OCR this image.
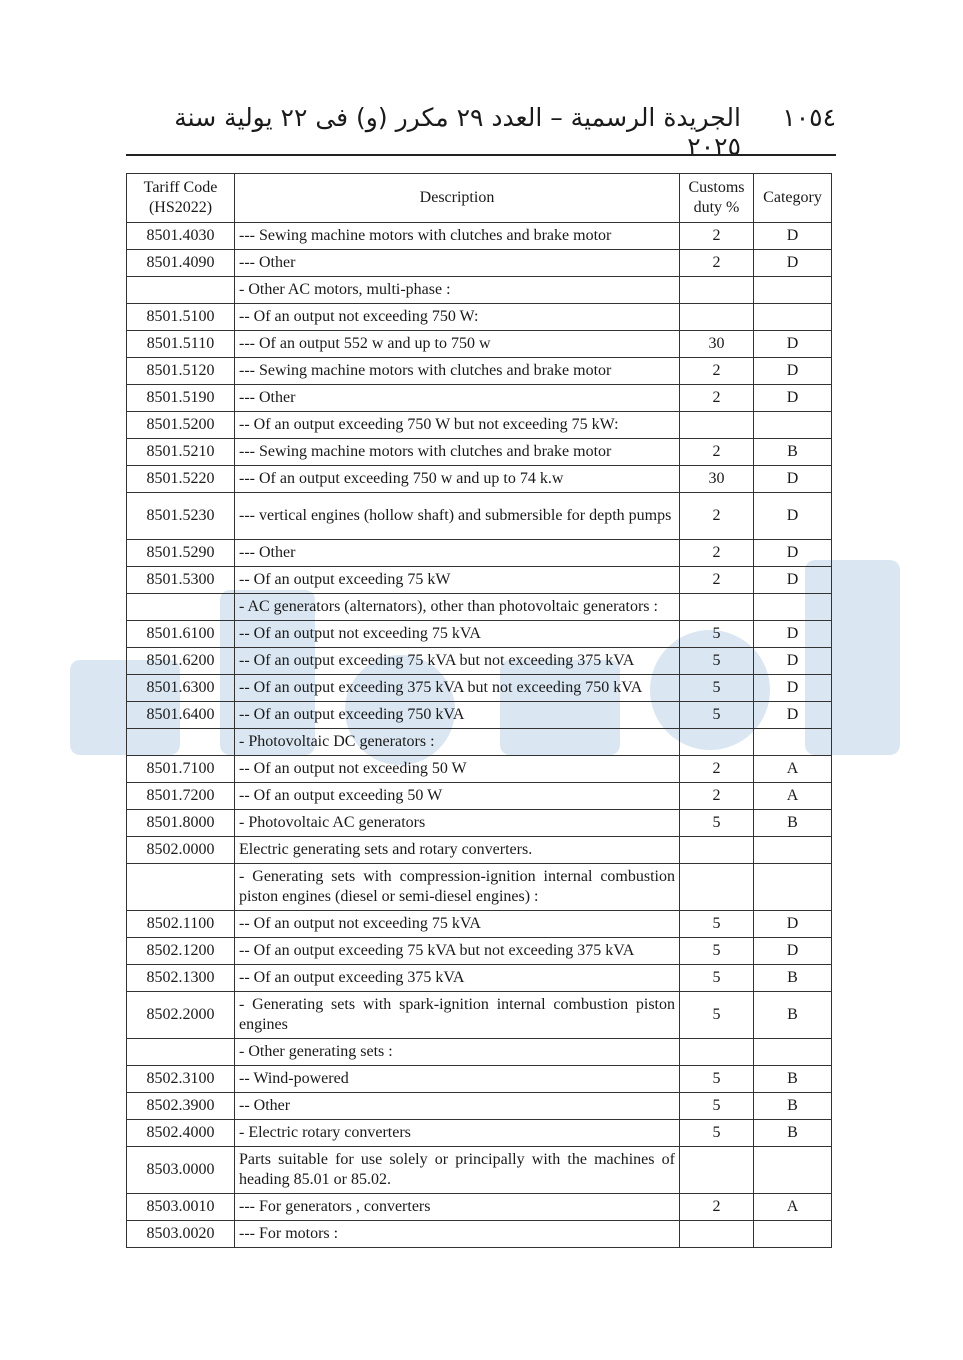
١٠٥٤
الجريدة الرسمية – العدد ٢٩ مكرر (و) فى ٢٢ يولية سنة ٢٠٢٥
Tariff Code (HS2022)	Description	Customs duty %	Category
8501.4030	--- Sewing machine motors with clutches and brake motor	2	D
8501.4090	--- Other	2	D
	- Other AC motors, multi-phase :		
8501.5100	-- Of an output not exceeding 750 W:		
8501.5110	--- Of an output 552 w and up to 750 w	30	D
8501.5120	--- Sewing machine motors with clutches and brake motor	2	D
8501.5190	--- Other	2	D
8501.5200	-- Of an output exceeding 750 W but not exceeding 75 kW:		
8501.5210	--- Sewing machine motors with clutches and brake motor	2	B
8501.5220	--- Of an output exceeding 750 w and up to 74 k.w	30	D
8501.5230	--- vertical engines (hollow shaft) and submersible for depth pumps	2	D
8501.5290	--- Other	2	D
8501.5300	-- Of an output exceeding 75 kW	2	D
	- AC generators (alternators), other than photovoltaic generators :		
8501.6100	-- Of an output not exceeding 75 kVA	5	D
8501.6200	-- Of an output exceeding 75 kVA but not exceeding 375 kVA	5	D
8501.6300	-- Of an output exceeding 375 kVA but not exceeding 750 kVA	5	D
8501.6400	-- Of an output exceeding 750 kVA	5	D
	- Photovoltaic DC generators :		
8501.7100	-- Of an output not exceeding 50 W	2	A
8501.7200	-- Of an output exceeding 50 W	2	A
8501.8000	- Photovoltaic AC generators	5	B
8502.0000	Electric generating sets and rotary converters.		
	- Generating sets with compression-ignition internal combustion piston engines (diesel or semi-diesel engines) :		
8502.1100	-- Of an output not exceeding 75 kVA	5	D
8502.1200	-- Of an output exceeding 75 kVA but not exceeding 375 kVA	5	D
8502.1300	-- Of an output exceeding 375 kVA	5	B
8502.2000	- Generating sets with spark-ignition internal combustion piston engines	5	B
	- Other generating sets :		
8502.3100	-- Wind-powered	5	B
8502.3900	-- Other	5	B
8502.4000	- Electric rotary converters	5	B
8503.0000	Parts suitable for use solely or principally with the machines of heading 85.01 or 85.02.		
8503.0010	--- For generators , converters	2	A
8503.0020	--- For motors :		
